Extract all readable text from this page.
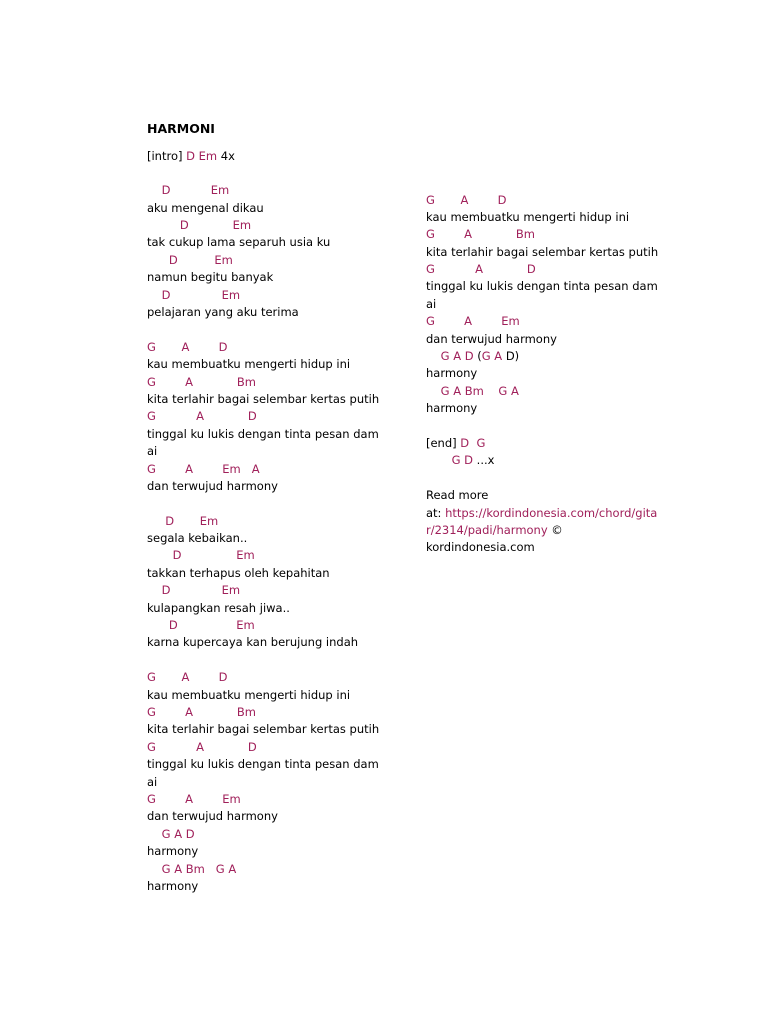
HARMONI
[intro] D Em 4x
D           Em
aku mengenal dikau
D            Em
tak cukup lama separuh usia ku
D          Em
namun begitu banyak
D              Em
pelajaran yang aku terima
G       A        D
kau membuatku mengerti hidup ini
G        A            Bm
kita terlahir bagai selembar kertas putih
G           A            D
tinggal ku lukis dengan tinta pesan dam
ai
G        A        Em   A
dan terwujud harmony
D       Em
segala kebaikan..
D               Em
takkan terhapus oleh kepahitan
D              Em
kulapangkan resah jiwa..
D                Em
karna kupercaya kan berujung indah
G       A        D
kau membuatku mengerti hidup ini
G        A            Bm
kita terlahir bagai selembar kertas putih
G           A            D
tinggal ku lukis dengan tinta pesan dam
ai
G        A        Em
dan terwujud harmony
G A D
harmony
G A Bm   G A
harmony
G       A        D
kau membuatku mengerti hidup ini
G        A            Bm
kita terlahir bagai selembar kertas putih
G           A            D
tinggal ku lukis dengan tinta pesan dam
ai
G        A        Em
dan terwujud harmony
G A D (G A D)
harmony
G A Bm    G A
harmony
[end] D  G
G D ...x
Read more
at: https://kordindonesia.com/chord/gita
r/2314/padi/harmony ©
kordindonesia.com
